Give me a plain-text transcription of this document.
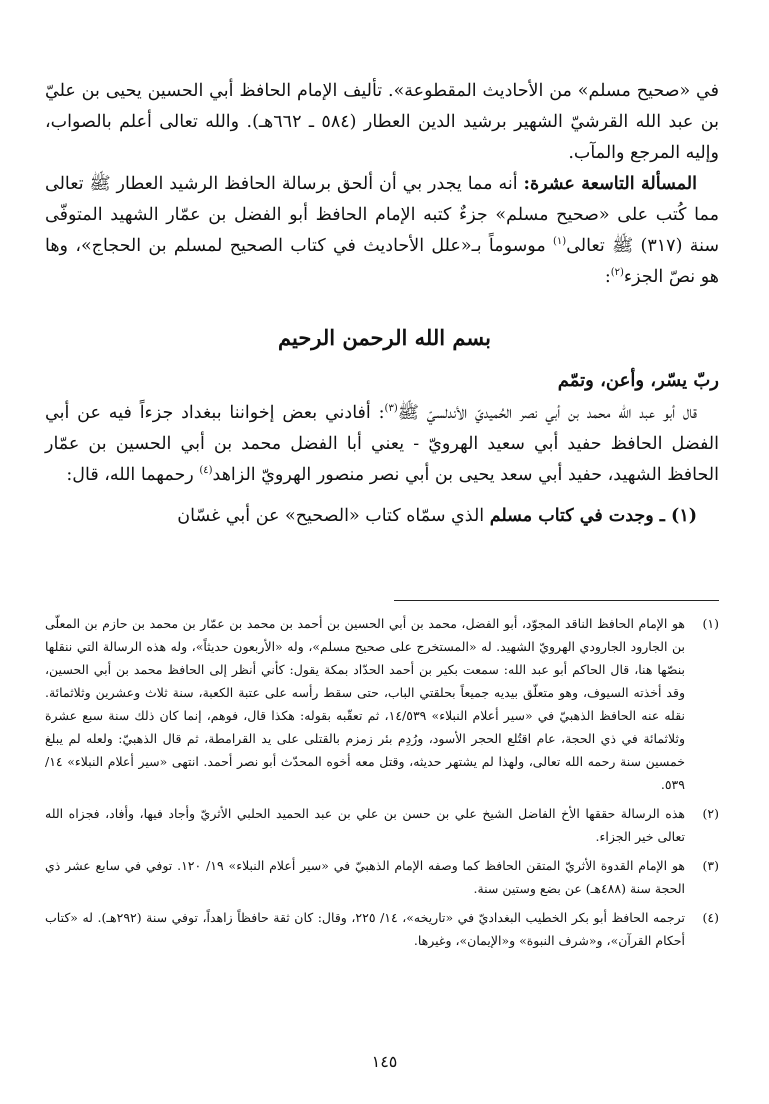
في «صحيح مسلم» من الأحاديث المقطوعة». تأليف الإمام الحافظ أبي الحسين يحيى بن عليّ بن عبد الله القرشيّ الشهير برشيد الدين العطار (٥٨٤ ـ ٦٦٢هـ). والله تعالى أعلم بالصواب، وإليه المرجع والمآب.

المسألة التاسعة عشرة: أنه مما يجدر بي أن ألحق برسالة الحافظ الرشيد العطار ﷺ تعالى مما كُتب على «صحيح مسلم» جزءٌ كتبه الإمام الحافظ أبو الفضل بن عمّار الشهيد المتوفّى سنة (٣١٧) ﷺ تعالى$^{(١)}$ موسوماً بـ«علل الأحاديث في كتاب الصحيح لمسلم بن الحجاج»، وها هو نصّ الجزء$^{(٢)}$:

بسم الله الرحمن الرحيم

ربّ يسّر، وأعن، وتمّم

قال أبو عبد الله محمد بن أبي نصر الحُميديّ الأندلسيّ ﷺ$^{(٣)}$: أفادني بعض إخواننا ببغداد جزءاً فيه عن أبي الفضل الحافظ حفيد أبي سعيد الهرويّ - يعني أبا الفضل محمد بن أبي الحسين بن عمّار الحافظ الشهيد، حفيد أبي سعد يحيى بن أبي نصر منصور الهرويّ الزاهد$^{(٤)}$ رحمهما الله، قال:

(١) ـ وجدت في كتاب مسلم الذي سمّاه كتاب «الصحيح» عن أبي غسّان

(١)
هو الإمام الحافظ الناقد المجوّد، أبو الفضل، محمد بن أبي الحسين بن أحمد بن محمد بن عمّار بن محمد بن حازم بن المعلّى بن الجارود الجارودي الهرويّ الشهيد. له «المستخرج على صحيح مسلم»، وله «الأربعون حديثاً»، وله هذه الرسالة التي ننقلها بنصّها هنا، قال الحاكم أبو عبد الله: سمعت بكير بن أحمد الحدّاد بمكة يقول: كأني أنظر إلى الحافظ محمد بن أبي الحسين، وقد أخذته السيوف، وهو متعلّق بيديه جميعاً بحلقتي الباب، حتى سقط رأسه على عتبة الكعبة، سنة ثلاث وعشرين وثلاثمائة. نقله عنه الحافظ الذهبيّ في «سير أعلام النبلاء» ١٤/٥٣٩، ثم تعقّبه بقوله: هكذا قال، فوهم، إنما كان ذلك سنة سبع عشرة وثلاثمائة في ذي الحجة، عام اقتُلع الحجر الأسود، ورُدِم بئر زمزم بالقتلى على يد القرامطة، ثم قال الذهبيّ: ولعله لم يبلغ خمسين سنة رحمه الله تعالى، ولهذا لم يشتهر حديثه، وقتل معه أخوه المحدّث أبو نصر أحمد. انتهى «سير أعلام النبلاء» ١٤/ ٥٣٩.
(٢)
هذه الرسالة حققها الأخ الفاضل الشيخ علي بن حسن بن علي بن عبد الحميد الحلبي الأثريّ وأجاد فيها، وأفاد، فجزاه الله تعالى خير الجزاء.
(٣)
هو الإمام القدوة الأثريّ المتقن الحافظ كما وصفه الإمام الذهبيّ في «سير أعلام النبلاء» ١٩/ ١٢٠. توفي في سابع عشر ذي الحجة سنة (٤٨٨هـ) عن بضع وستين سنة.
(٤)
ترجمه الحافظ أبو بكر الخطيب البغداديّ في «تاريخه»، ١٤/ ٢٢٥، وقال: كان ثقة حافظاً زاهداً، توفي سنة (٢٩٢هـ). له «كتاب أحكام القرآن»، و«شرف النبوة» و«الإيمان»، وغيرها.
١٤٥
